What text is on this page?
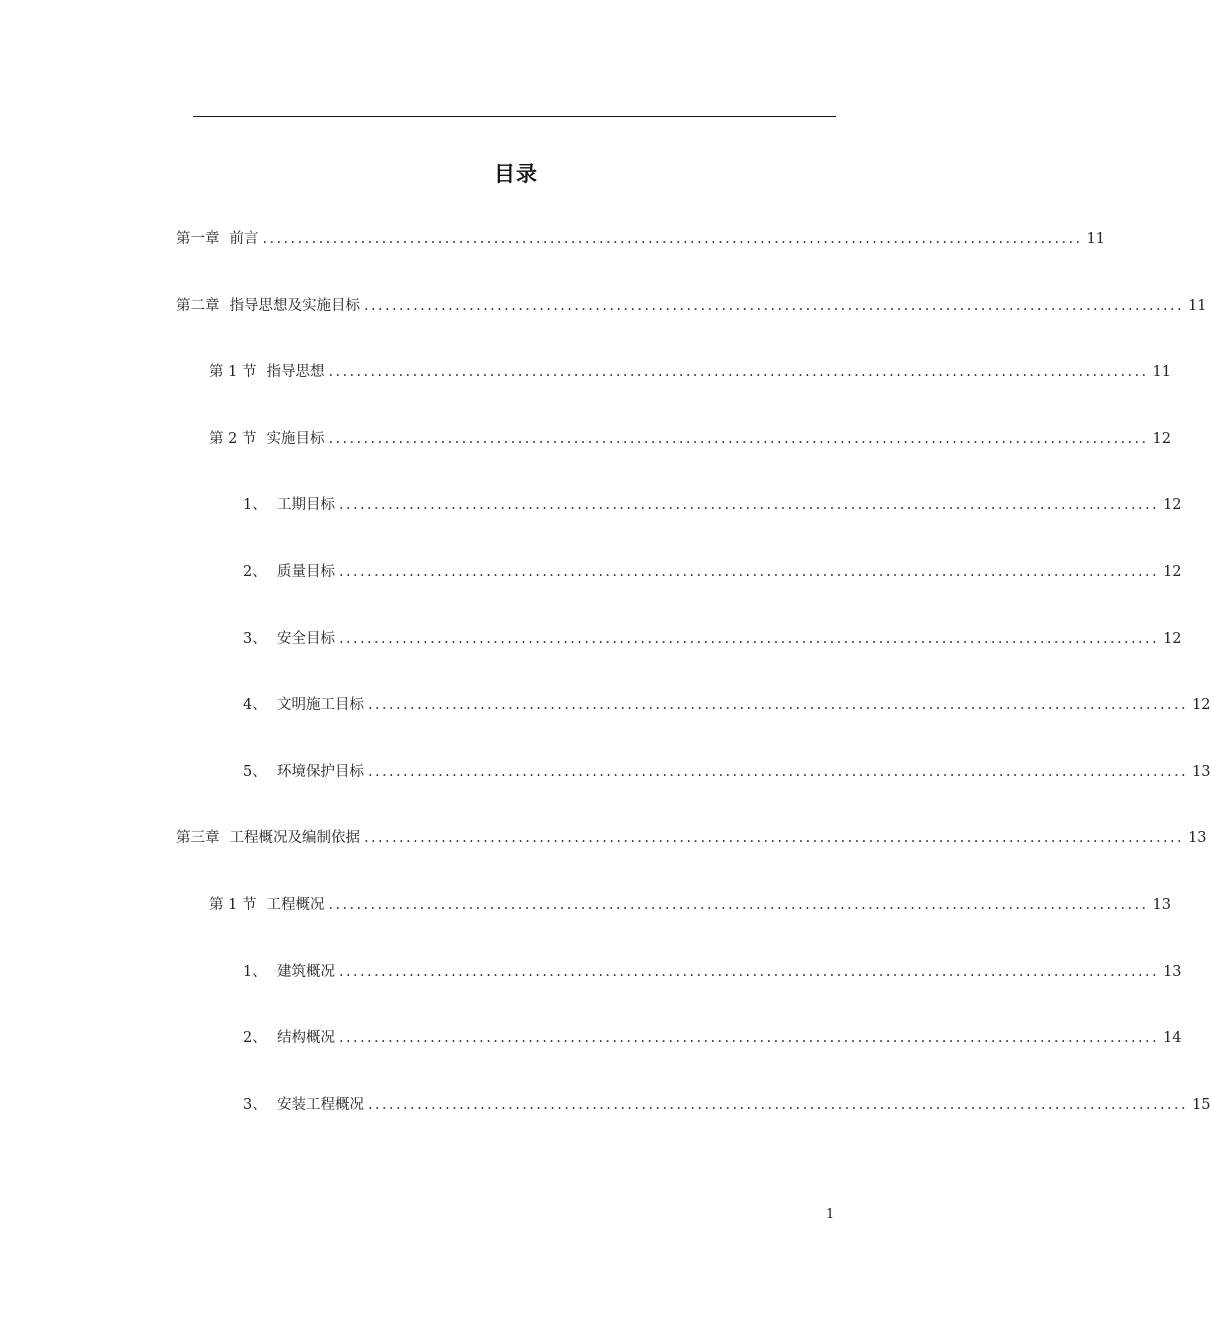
目录
第一章 前言 ..................................................................................................................... 11
第二章 指导思想及实施目标 ..................................................................................................................... 11
第 1 节 指导思想 ..................................................................................................................... 11
第 2 节 实施目标 ..................................................................................................................... 12
1、 工期目标 ..................................................................................................................... 12
2、 质量目标 ..................................................................................................................... 12
3、 安全目标 ..................................................................................................................... 12
4、 文明施工目标 ..................................................................................................................... 12
5、 环境保护目标 ..................................................................................................................... 13
第三章 工程概况及编制依据 ..................................................................................................................... 13
第 1 节 工程概况 ..................................................................................................................... 13
1、 建筑概况 ..................................................................................................................... 13
2、 结构概况 ..................................................................................................................... 14
3、 安装工程概况 ..................................................................................................................... 15
1
